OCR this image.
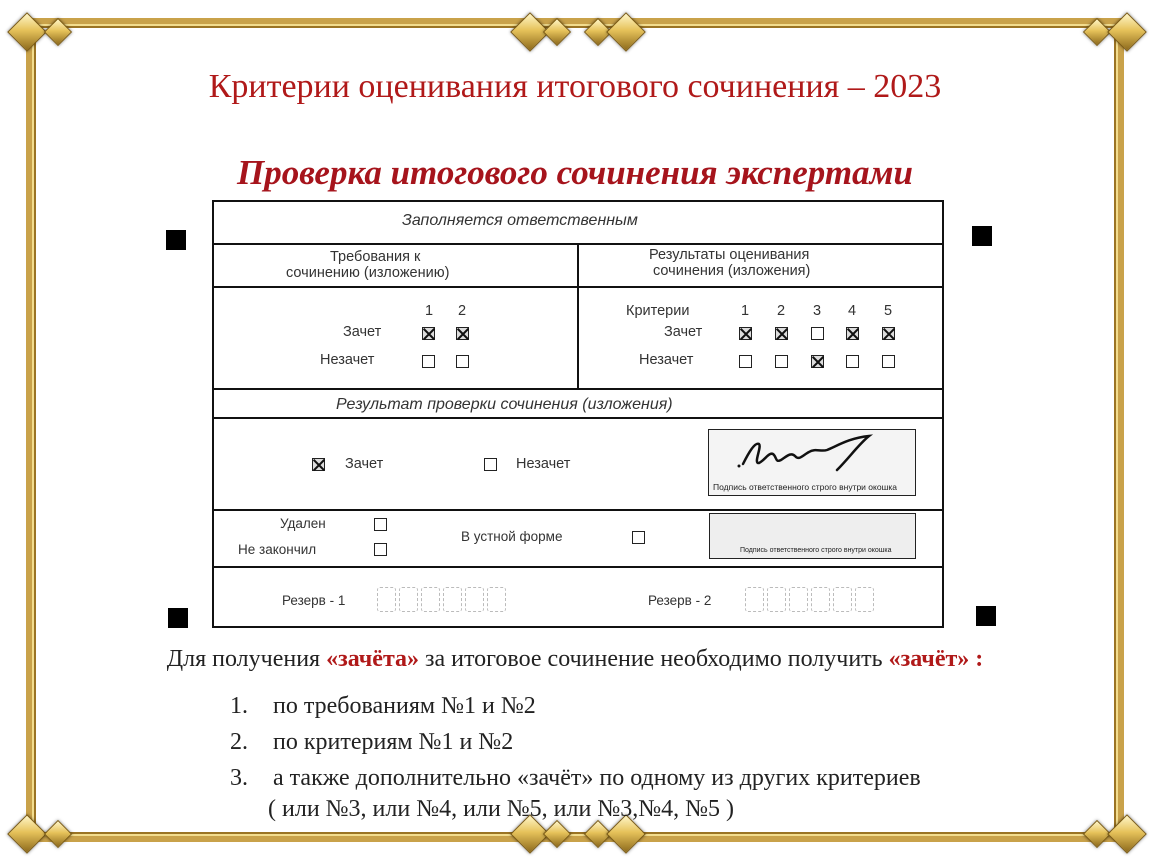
Критерии оценивания итогового сочинения – 2023
Проверка итогового сочинения экспертами
Заполняется ответственным
Требования к
сочинению (изложению)
Результаты оценивания
сочинения (изложения)
1 2
Зачет
Незачет
Критерии
Зачет
Незачет
Результат проверки сочинения (изложения)
Зачет	Незачет
Подпись ответственного строго внутри окошка
Удален
Не закончил
В устной форме
Подпись ответственного строго внутри окошка
Резерв - 1	Резерв - 2
1 2 3 4 5
Для получения «зачёта» за итоговое сочинение необходимо получить «зачёт» :
1. по требованиям №1 и №2
2. по критериям №1 и №2
3. а также дополнительно «зачёт» по одному из других критериев
( или №3, или №4, или №5, или №3,№4, №5 )
